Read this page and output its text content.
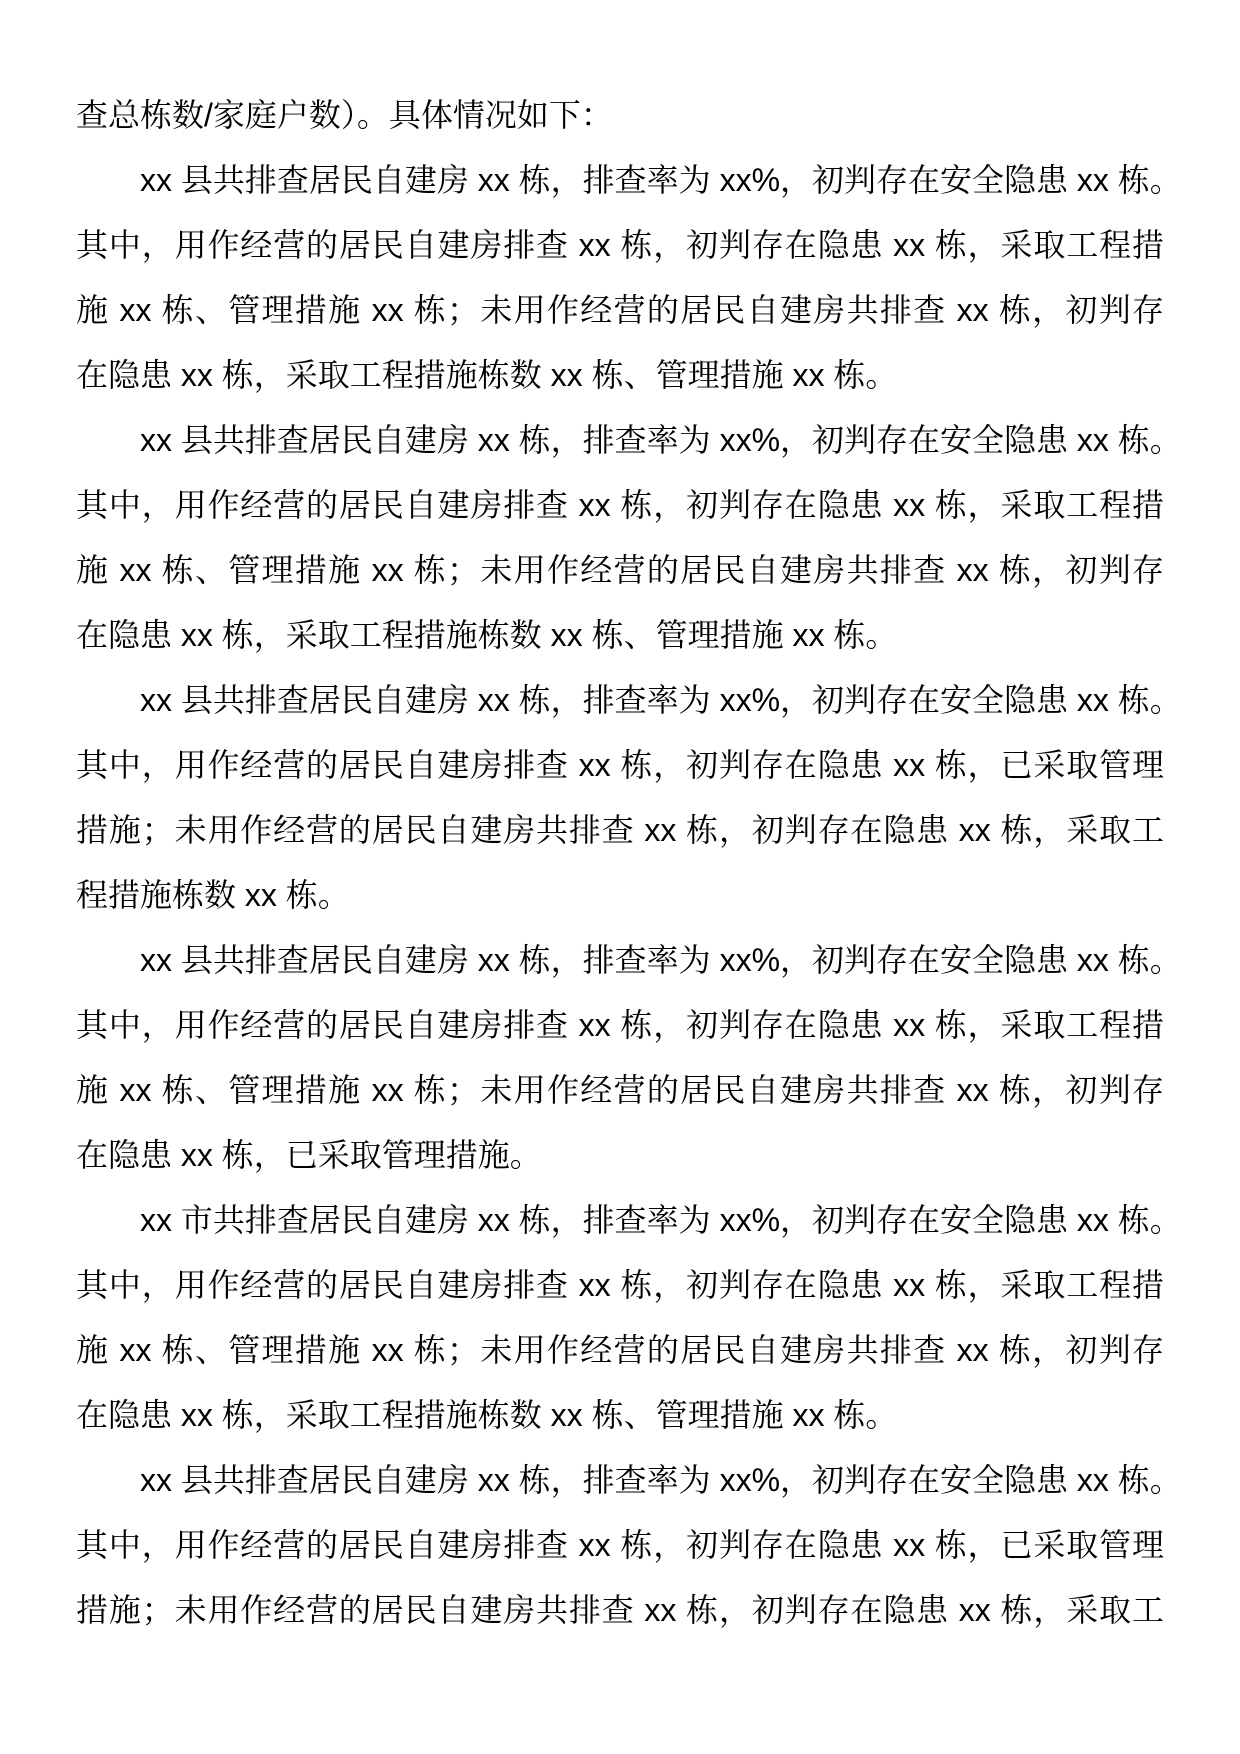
查总栋数/家庭户数）。具体情况如下：
xx 县共排查居民自建房 xx 栋，排查率为 xx%，初判存在安全隐患 xx 栋。
其中，用作经营的居民自建房排查 xx 栋，初判存在隐患 xx 栋，采取工程措
施 xx 栋、管理措施 xx 栋；未用作经营的居民自建房共排查 xx 栋，初判存
在隐患 xx 栋，采取工程措施栋数 xx 栋、管理措施 xx 栋。
xx 县共排查居民自建房 xx 栋，排查率为 xx%，初判存在安全隐患 xx 栋。
其中，用作经营的居民自建房排查 xx 栋，初判存在隐患 xx 栋，采取工程措
施 xx 栋、管理措施 xx 栋；未用作经营的居民自建房共排查 xx 栋，初判存
在隐患 xx 栋，采取工程措施栋数 xx 栋、管理措施 xx 栋。
xx 县共排查居民自建房 xx 栋，排查率为 xx%，初判存在安全隐患 xx 栋。
其中，用作经营的居民自建房排查 xx 栋，初判存在隐患 xx 栋，已采取管理
措施；未用作经营的居民自建房共排查 xx 栋，初判存在隐患 xx 栋，采取工
程措施栋数 xx 栋。
xx 县共排查居民自建房 xx 栋，排查率为 xx%，初判存在安全隐患 xx 栋。
其中，用作经营的居民自建房排查 xx 栋，初判存在隐患 xx 栋，采取工程措
施 xx 栋、管理措施 xx 栋；未用作经营的居民自建房共排查 xx 栋，初判存
在隐患 xx 栋，已采取管理措施。
xx 市共排查居民自建房 xx 栋，排查率为 xx%，初判存在安全隐患 xx 栋。
其中，用作经营的居民自建房排查 xx 栋，初判存在隐患 xx 栋，采取工程措
施 xx 栋、管理措施 xx 栋；未用作经营的居民自建房共排查 xx 栋，初判存
在隐患 xx 栋，采取工程措施栋数 xx 栋、管理措施 xx 栋。
xx 县共排查居民自建房 xx 栋，排查率为 xx%，初判存在安全隐患 xx 栋。
其中，用作经营的居民自建房排查 xx 栋，初判存在隐患 xx 栋，已采取管理
措施；未用作经营的居民自建房共排查 xx 栋，初判存在隐患 xx 栋，采取工
